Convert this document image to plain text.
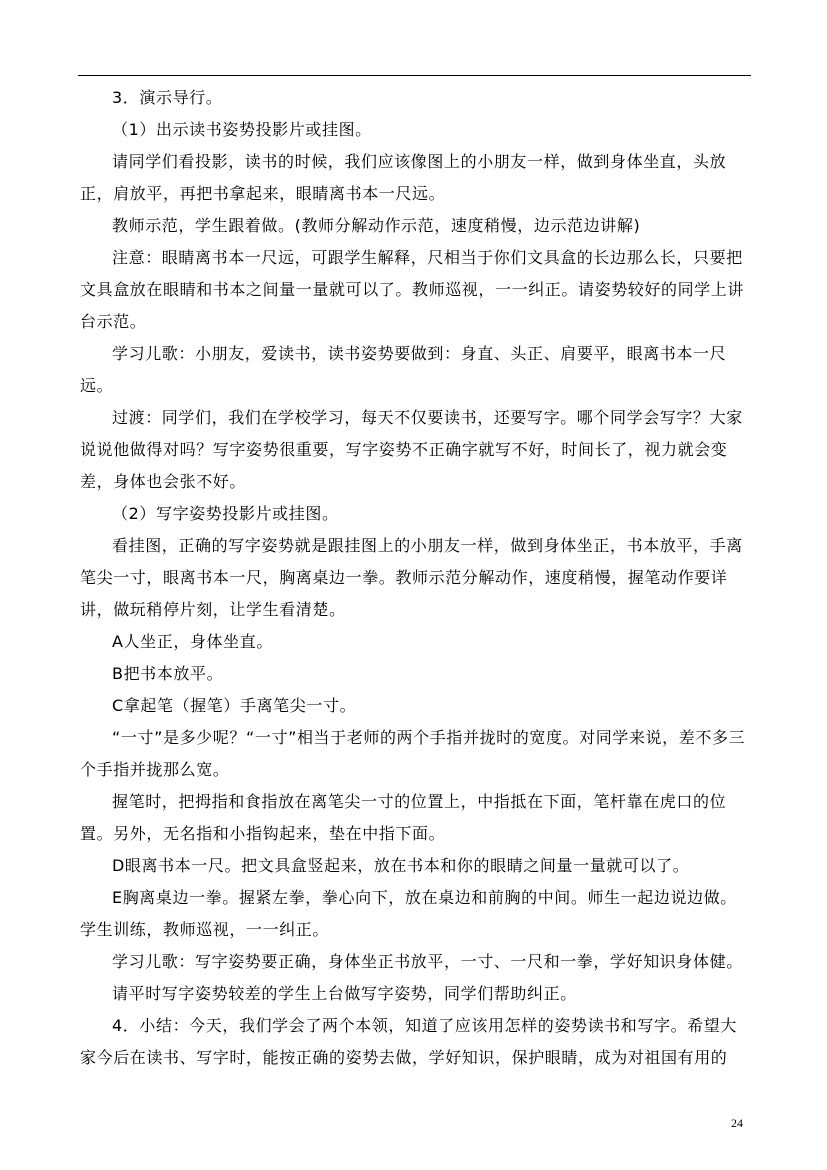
3．演示导行。

（1）出示读书姿势投影片或挂图。

请同学们看投影，读书的时候，我们应该像图上的小朋友一样，做到身体坐直，头放正，肩放平，再把书拿起来，眼睛离书本一尺远。

教师示范，学生跟着做。(教师分解动作示范，速度稍慢，边示范边讲解)

注意：眼睛离书本一尺远，可跟学生解释，尺相当于你们文具盒的长边那么长，只要把文具盒放在眼睛和书本之间量一量就可以了。教师巡视，一一纠正。请姿势较好的同学上讲台示范。

学习儿歌：小朋友，爱读书，读书姿势要做到：身直、头正、肩要平，眼离书本一尺远。

过渡：同学们，我们在学校学习，每天不仅要读书，还要写字。哪个同学会写字？大家说说他做得对吗？写字姿势很重要，写字姿势不正确字就写不好，时间长了，视力就会变差，身体也会张不好。

（2）写字姿势投影片或挂图。

看挂图，正确的写字姿势就是跟挂图上的小朋友一样，做到身体坐正，书本放平，手离笔尖一寸，眼离书本一尺，胸离桌边一拳。教师示范分解动作，速度稍慢，握笔动作要详讲，做玩稍停片刻，让学生看清楚。

A人坐正，身体坐直。

B把书本放平。

C拿起笔（握笔）手离笔尖一寸。

“一寸”是多少呢？“一寸”相当于老师的两个手指并拢时的宽度。对同学来说，差不多三个手指并拢那么宽。

握笔时，把拇指和食指放在离笔尖一寸的位置上，中指抵在下面，笔杆靠在虎口的位置。另外，无名指和小指钩起来，垫在中指下面。

D眼离书本一尺。把文具盒竖起来，放在书本和你的眼睛之间量一量就可以了。

E胸离桌边一拳。握紧左拳，拳心向下，放在桌边和前胸的中间。师生一起边说边做。学生训练，教师巡视，一一纠正。

学习儿歌：写字姿势要正确，身体坐正书放平，一寸、一尺和一拳，学好知识身体健。

请平时写字姿势较差的学生上台做写字姿势，同学们帮助纠正。

4．小结：今天，我们学会了两个本领，知道了应该用怎样的姿势读书和写字。希望大家今后在读书、写字时，能按正确的姿势去做，学好知识，保护眼睛，成为对祖国有用的

24
